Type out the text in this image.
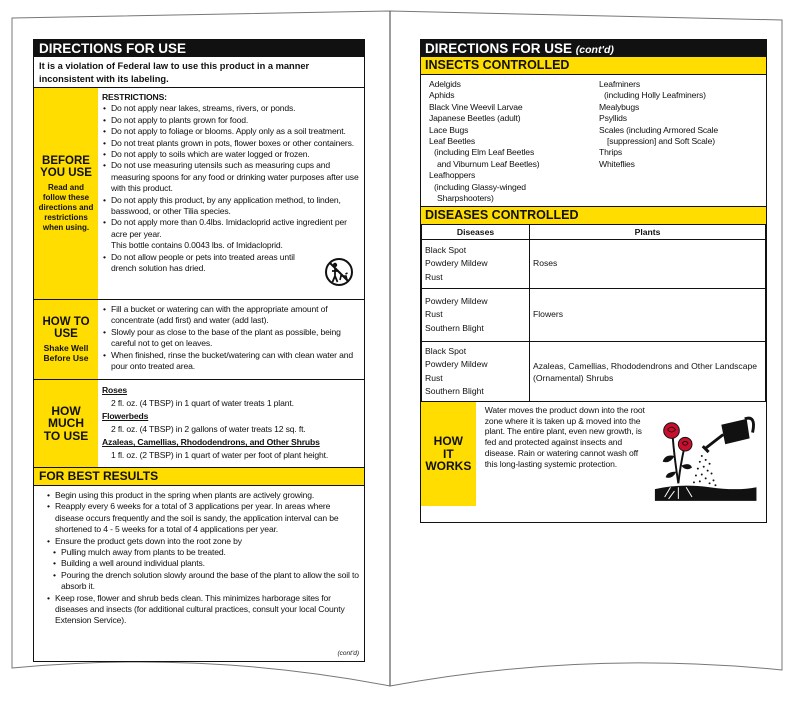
DIRECTIONS FOR USE
It is a violation of Federal law to use this product in a manner inconsistent with its labeling.
BEFORE
YOU USE
Read and follow these directions and restrictions when using.
RESTRICTIONS:
• Do not apply near lakes, streams, rivers, or ponds.
• Do not apply to plants grown for food.
• Do not apply to foliage or blooms. Apply only as a soil treatment.
• Do not treat plants grown in pots, flower boxes or other containers.
• Do not apply to soils which are water logged or frozen.
• Do not use measuring utensils such as measuring cups and measuring spoons for any food or drinking water purposes after use with this product.
• Do not apply this product, by any application method, to linden, basswood, or other Tilia species.
• Do not apply more than 0.4lbs. Imidacloprid active ingredient per acre per year.
This bottle contains 0.0043 lbs. of Imidacloprid.
• Do not allow people or pets into treated areas until drench solution has dried.
HOW TO
USE
Shake Well Before Use
• Fill a bucket or watering can with the appropriate amount of concentrate (add first) and water (add last).
• Slowly pour as close to the base of the plant as possible, being careful not to get on leaves.
• When finished, rinse the bucket/watering can with clean water and pour onto treated area.
HOW
MUCH
TO USE
Roses
2 fl. oz. (4 TBSP) in 1 quart of water treats 1 plant.
Flowerbeds
2 fl. oz. (4 TBSP) in 2 gallons of water treats 12 sq. ft.
Azaleas, Camellias, Rhododendrons, and Other Shrubs
1 fl. oz. (2 TBSP) in 1 quart of water per foot of plant height.
FOR BEST RESULTS
• Begin using this product in the spring when plants are actively growing.
• Reapply every 6 weeks for a total of 3 applications per year. In areas where disease occurs frequently and the soil is sandy, the application interval can be shortened to 4 - 5 weeks for a total of 4 applications per year.
• Ensure the product gets down into the root zone by
• Pulling mulch away from plants to be treated.
• Building a well around individual plants.
• Pouring the drench solution slowly around the base of the plant to allow the soil to absorb it.
• Keep rose, flower and shrub beds clean. This minimizes harborage sites for diseases and insects (for additional cultural practices, consult your local County Extension Service).
(cont'd)
DIRECTIONS FOR USE (cont'd)
INSECTS CONTROLLED
Adelgids
Aphids
Black Vine Weevil Larvae
Japanese Beetles (adult)
Lace Bugs
Leaf Beetles
(including Elm Leaf Beetles
and Viburnum Leaf Beetles)
Leafhoppers
(including Glassy-winged
Sharpshooters)
Leafminers
(including Holly Leafminers)
Mealybugs
Psyllids
Scales (including Armored Scale
[suppression] and Soft Scale)
Thrips
Whiteflies
DISEASES CONTROLLED
Diseases	Plants

Black Spot
Powdery Mildew
Rust	Roses

Powdery Mildew
Rust
Southern Blight	Flowers

Black Spot
Powdery Mildew
Rust
Southern Blight	Azaleas, Camellias, Rhododendrons and Other Landscape (Ornamental) Shrubs
HOW
IT
WORKS
Water moves the product down into the root zone where it is taken up & moved into the plant. The entire plant, even new growth, is fed and protected against insects and disease. Rain or watering cannot wash off this long-lasting systemic protection.
